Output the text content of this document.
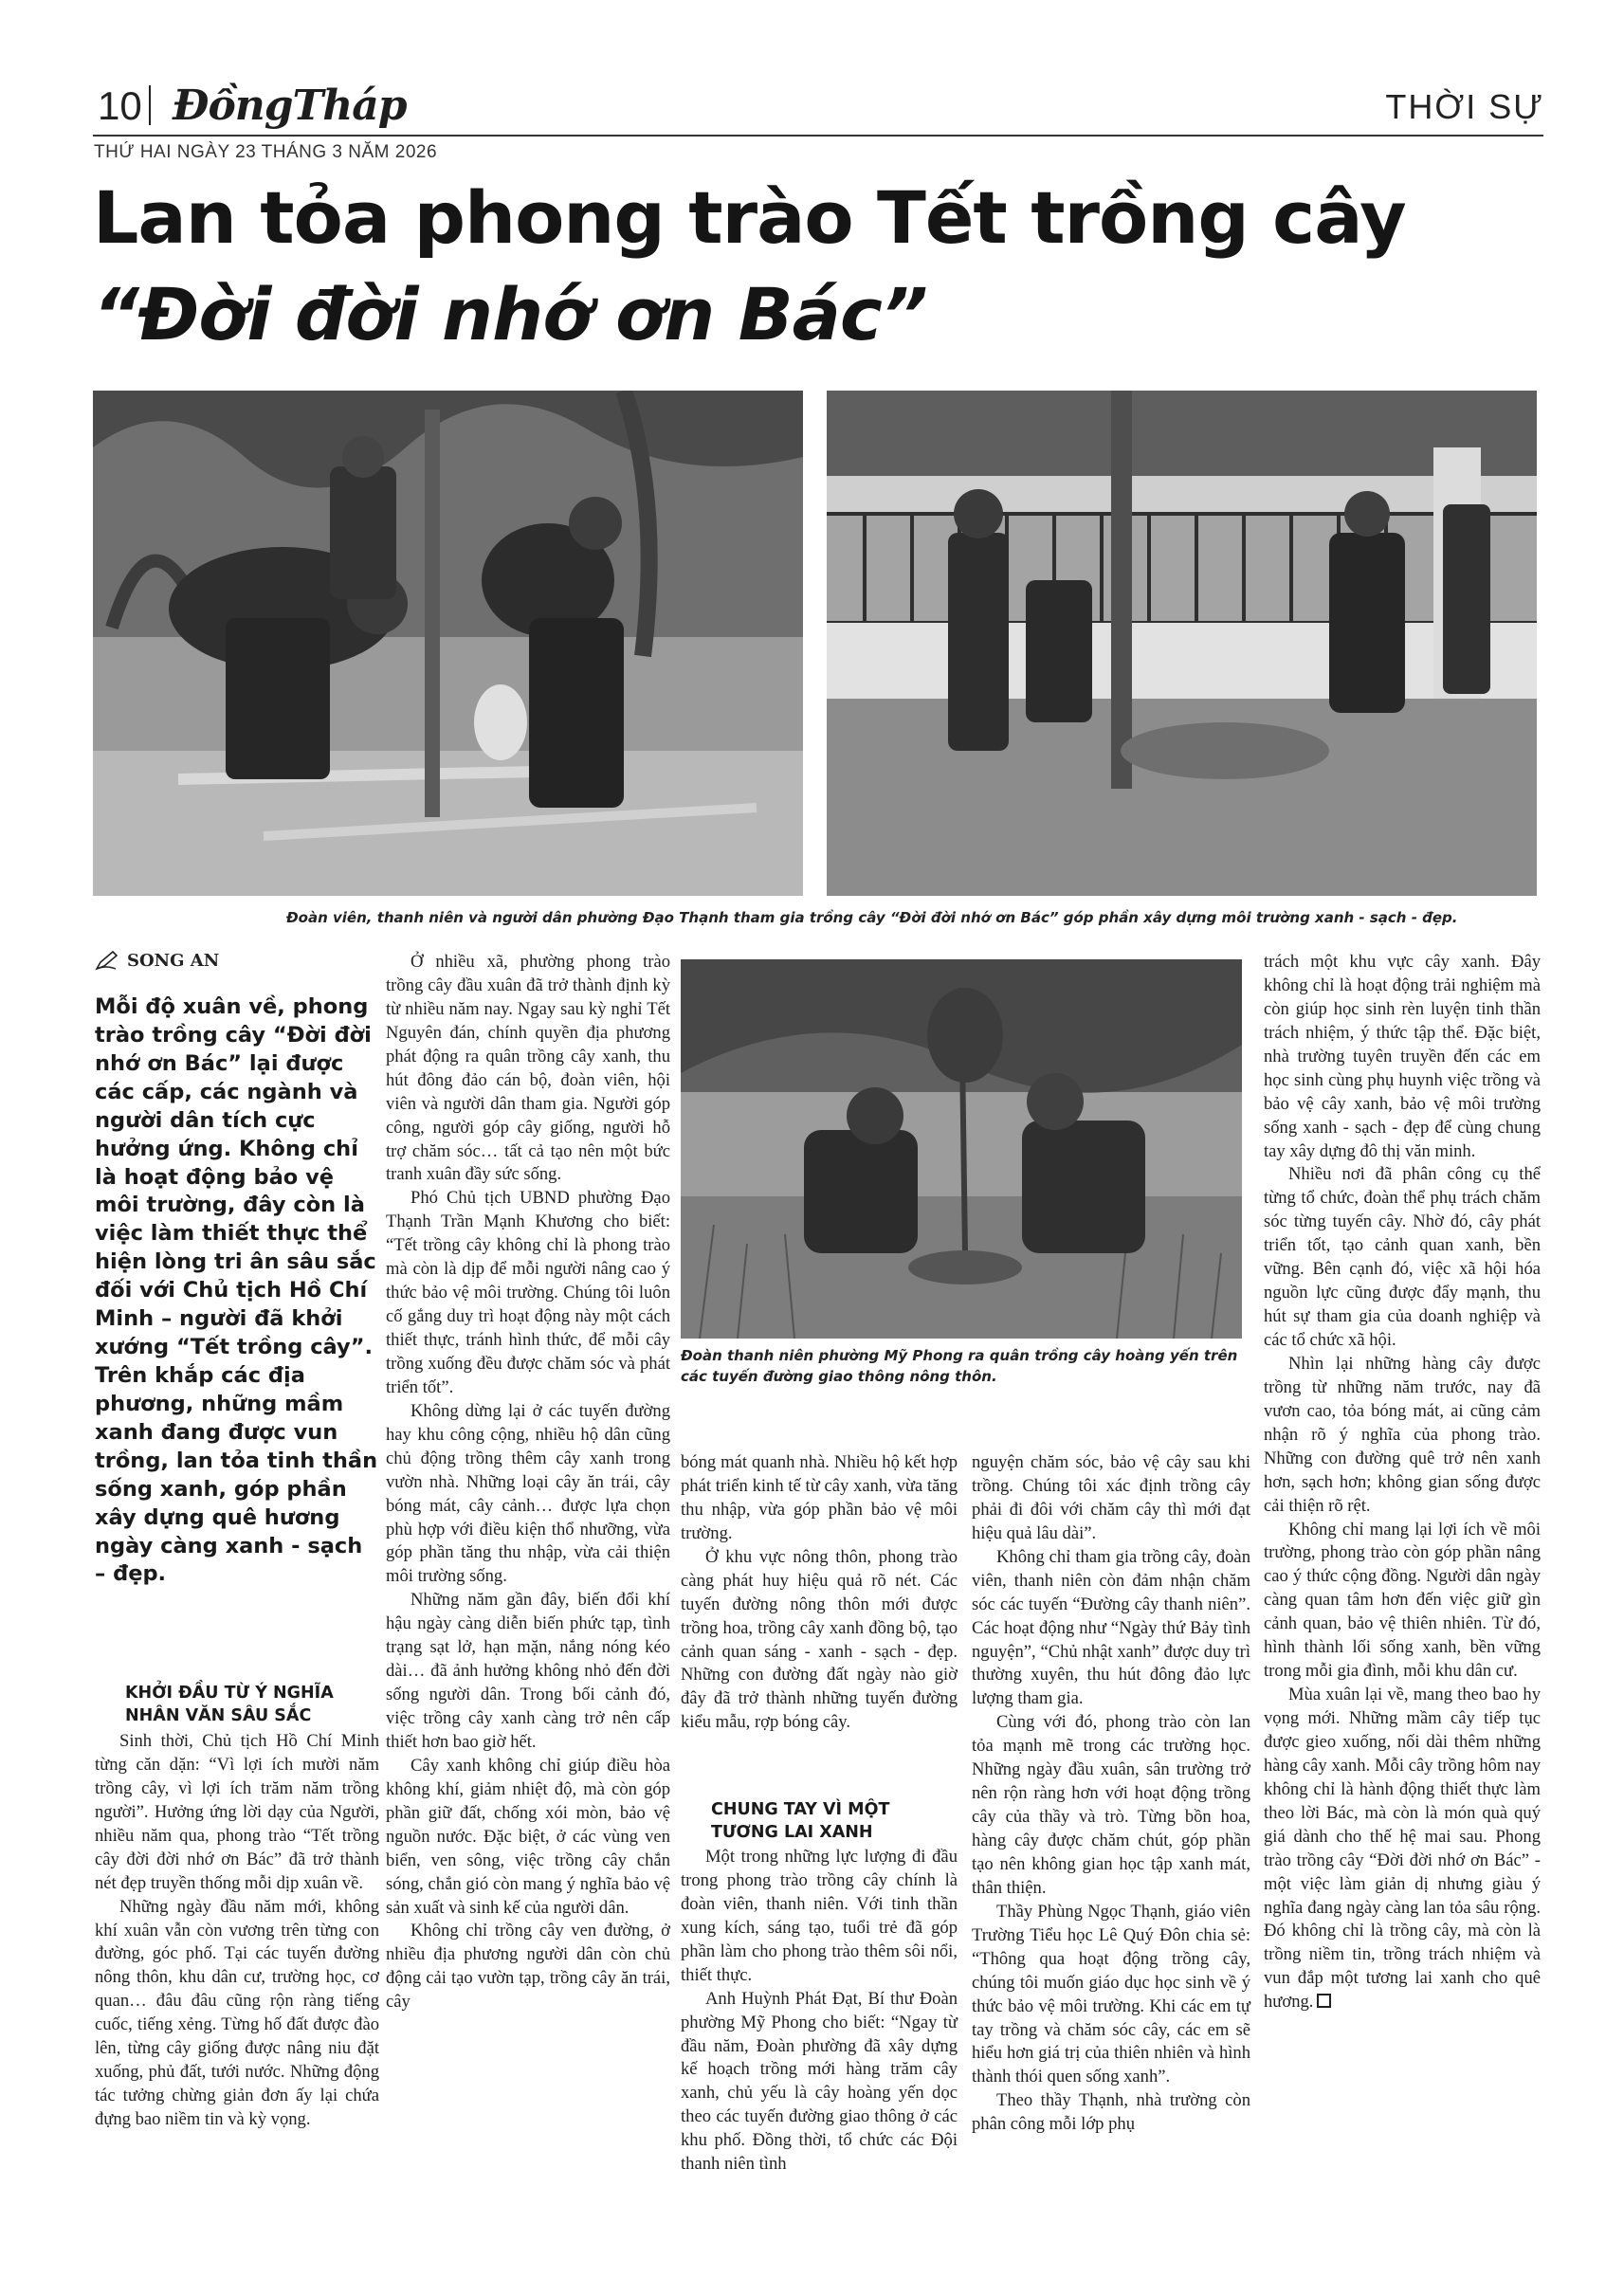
10 ĐồngTháp	THỜI SỰ
THỨ HAI NGÀY 23 THÁNG 3 NĂM 2026
Lan tỏa phong trào Tết trồng cây
“Đời đời nhớ ơn Bác”
Đoàn viên, thanh niên và người dân phường Đạo Thạnh tham gia trồng cây “Đời đời nhớ ơn Bác” góp phần xây dựng môi trường xanh - sạch - đẹp.
SONG AN
Mỗi độ xuân về, phong trào trồng cây “Đời đời nhớ ơn Bác” lại được các cấp, các ngành và người dân tích cực hưởng ứng. Không chỉ là hoạt động bảo vệ môi trường, đây còn là việc làm thiết thực thể hiện lòng tri ân sâu sắc đối với Chủ tịch Hồ Chí Minh – người đã khởi xướng “Tết trồng cây”. Trên khắp các địa phương, những mầm xanh đang được vun trồng, lan tỏa tinh thần sống xanh, góp phần xây dựng quê hương ngày càng xanh - sạch – đẹp.
KHỞI ĐẦU TỪ Ý NGHĨA NHÂN VĂN SÂU SẮC

Sinh thời, Chủ tịch Hồ Chí Minh từng căn dặn: “Vì lợi ích mười năm trồng cây, vì lợi ích trăm năm trồng người”. Hưởng ứng lời dạy của Người, nhiều năm qua, phong trào “Tết trồng cây đời đời nhớ ơn Bác” đã trở thành nét đẹp truyền thống mỗi dịp xuân về.

Những ngày đầu năm mới, không khí xuân vẫn còn vương trên từng con đường, góc phố. Tại các tuyến đường nông thôn, khu dân cư, trường học, cơ quan… đâu đâu cũng rộn ràng tiếng cuốc, tiếng xẻng. Từng hố đất được đào lên, từng cây giống được nâng niu đặt xuống, phủ đất, tưới nước. Những động tác tưởng chừng giản đơn ấy lại chứa đựng bao niềm tin và kỳ vọng.

Ở nhiều xã, phường phong trào trồng cây đầu xuân đã trở thành định kỳ từ nhiều năm nay. Ngay sau kỳ nghỉ Tết Nguyên đán, chính quyền địa phương phát động ra quân trồng cây xanh, thu hút đông đảo cán bộ, đoàn viên, hội viên và người dân tham gia. Người góp công, người góp cây giống, người hỗ trợ chăm sóc… tất cả tạo nên một bức tranh xuân đầy sức sống.

Phó Chủ tịch UBND phường Đạo Thạnh Trần Mạnh Khương cho biết: “Tết trồng cây không chỉ là phong trào mà còn là dịp để mỗi người nâng cao ý thức bảo vệ môi trường. Chúng tôi luôn cố gắng duy trì hoạt động này một cách thiết thực, tránh hình thức, để mỗi cây trồng xuống đều được chăm sóc và phát triển tốt”.

Không dừng lại ở các tuyến đường hay khu công cộng, nhiều hộ dân cũng chủ động trồng thêm cây xanh trong vườn nhà. Những loại cây ăn trái, cây bóng mát, cây cảnh… được lựa chọn phù hợp với điều kiện thổ nhưỡng, vừa góp phần tăng thu nhập, vừa cải thiện môi trường sống.

Những năm gần đây, biến đổi khí hậu ngày càng diễn biến phức tạp, tình trạng sạt lở, hạn mặn, nắng nóng kéo dài… đã ảnh hưởng không nhỏ đến đời sống người dân. Trong bối cảnh đó, việc trồng cây xanh càng trở nên cấp thiết hơn bao giờ hết.

Cây xanh không chỉ giúp điều hòa không khí, giảm nhiệt độ, mà còn góp phần giữ đất, chống xói mòn, bảo vệ nguồn nước. Đặc biệt, ở các vùng ven biển, ven sông, việc trồng cây chắn sóng, chắn gió còn mang ý nghĩa bảo vệ sản xuất và sinh kế của người dân.

Không chỉ trồng cây ven đường, ở nhiều địa phương người dân còn chủ động cải tạo vườn tạp, trồng cây ăn trái, cây

Đoàn thanh niên phường Mỹ Phong ra quân trồng cây hoàng yến trên các tuyến đường giao thông nông thôn.

bóng mát quanh nhà. Nhiều hộ kết hợp phát triển kinh tế từ cây xanh, vừa tăng thu nhập, vừa góp phần bảo vệ môi trường.

Ở khu vực nông thôn, phong trào càng phát huy hiệu quả rõ nét. Các tuyến đường nông thôn mới được trồng hoa, trồng cây xanh đồng bộ, tạo cảnh quan sáng - xanh - sạch - đẹp. Những con đường đất ngày nào giờ đây đã trở thành những tuyến đường kiểu mẫu, rợp bóng cây.

CHUNG TAY VÌ MỘT TƯƠNG LAI XANH

Một trong những lực lượng đi đầu trong phong trào trồng cây chính là đoàn viên, thanh niên. Với tinh thần xung kích, sáng tạo, tuổi trẻ đã góp phần làm cho phong trào thêm sôi nổi, thiết thực.

Anh Huỳnh Phát Đạt, Bí thư Đoàn phường Mỹ Phong cho biết: “Ngay từ đầu năm, Đoàn phường đã xây dựng kế hoạch trồng mới hàng trăm cây xanh, chủ yếu là cây hoàng yến dọc theo các tuyến đường giao thông ở các khu phố. Đồng thời, tổ chức các Đội thanh niên tình

nguyện chăm sóc, bảo vệ cây sau khi trồng. Chúng tôi xác định trồng cây phải đi đôi với chăm cây thì mới đạt hiệu quả lâu dài”.

Không chỉ tham gia trồng cây, đoàn viên, thanh niên còn đảm nhận chăm sóc các tuyến “Đường cây thanh niên”. Các hoạt động như “Ngày thứ Bảy tình nguyện”, “Chủ nhật xanh” được duy trì thường xuyên, thu hút đông đảo lực lượng tham gia.

Cùng với đó, phong trào còn lan tỏa mạnh mẽ trong các trường học. Những ngày đầu xuân, sân trường trở nên rộn ràng hơn với hoạt động trồng cây của thầy và trò. Từng bồn hoa, hàng cây được chăm chút, góp phần tạo nên không gian học tập xanh mát, thân thiện.

Thầy Phùng Ngọc Thạnh, giáo viên Trường Tiểu học Lê Quý Đôn chia sẻ: “Thông qua hoạt động trồng cây, chúng tôi muốn giáo dục học sinh về ý thức bảo vệ môi trường. Khi các em tự tay trồng và chăm sóc cây, các em sẽ hiểu hơn giá trị của thiên nhiên và hình thành thói quen sống xanh”.

Theo thầy Thạnh, nhà trường còn phân công mỗi lớp phụ

trách một khu vực cây xanh. Đây không chỉ là hoạt động trải nghiệm mà còn giúp học sinh rèn luyện tinh thần trách nhiệm, ý thức tập thể. Đặc biệt, nhà trường tuyên truyền đến các em học sinh cùng phụ huynh việc trồng và bảo vệ cây xanh, bảo vệ môi trường sống xanh - sạch - đẹp để cùng chung tay xây dựng đô thị văn minh.

Nhiều nơi đã phân công cụ thể từng tổ chức, đoàn thể phụ trách chăm sóc từng tuyến cây. Nhờ đó, cây phát triển tốt, tạo cảnh quan xanh, bền vững. Bên cạnh đó, việc xã hội hóa nguồn lực cũng được đẩy mạnh, thu hút sự tham gia của doanh nghiệp và các tổ chức xã hội.

Nhìn lại những hàng cây được trồng từ những năm trước, nay đã vươn cao, tỏa bóng mát, ai cũng cảm nhận rõ ý nghĩa của phong trào. Những con đường quê trở nên xanh hơn, sạch hơn; không gian sống được cải thiện rõ rệt.

Không chỉ mang lại lợi ích về môi trường, phong trào còn góp phần nâng cao ý thức cộng đồng. Người dân ngày càng quan tâm hơn đến việc giữ gìn cảnh quan, bảo vệ thiên nhiên. Từ đó, hình thành lối sống xanh, bền vững trong mỗi gia đình, mỗi khu dân cư.

Mùa xuân lại về, mang theo bao hy vọng mới. Những mầm cây tiếp tục được gieo xuống, nối dài thêm những hàng cây xanh. Mỗi cây trồng hôm nay không chỉ là hành động thiết thực làm theo lời Bác, mà còn là món quà quý giá dành cho thế hệ mai sau. Phong trào trồng cây “Đời đời nhớ ơn Bác” - một việc làm giản dị nhưng giàu ý nghĩa đang ngày càng lan tỏa sâu rộng. Đó không chỉ là trồng cây, mà còn là trồng niềm tin, trồng trách nhiệm và vun đắp một tương lai xanh cho quê hương.
